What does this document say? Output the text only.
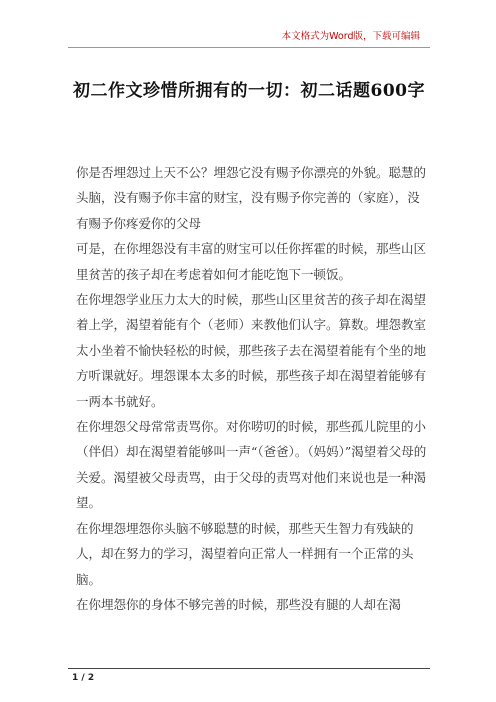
本文格式为Word版，下载可编辑
初二作文珍惜所拥有的一切：初二话题600字

你是否埋怨过上天不公？埋怨它没有赐予你漂亮的外貌。聪慧的头脑，没有赐予你丰富的财宝，没有赐予你完善的（家庭），没有赐予你疼爱你的父母

可是，在你埋怨没有丰富的财宝可以任你挥霍的时候，那些山区里贫苦的孩子却在考虑着如何才能吃饱下一顿饭。

在你埋怨学业压力太大的时候，那些山区里贫苦的孩子却在渴望着上学，渴望着能有个（老师）来教他们认字。算数。埋怨教室太小坐着不愉快轻松的时候，那些孩子去在渴望着能有个坐的地方听课就好。埋怨课本太多的时候，那些孩子却在渴望着能够有一两本书就好。

在你埋怨父母常常责骂你。对你唠叨的时候，那些孤儿院里的小（伴侣）却在渴望着能够叫一声“（爸爸）。（妈妈）”渴望着父母的关爱。渴望被父母责骂，由于父母的责骂对他们来说也是一种渴望。

在你埋怨埋怨你头脑不够聪慧的时候，那些天生智力有残缺的人，却在努力的学习，渴望着向正常人一样拥有一个正常的头脑。

在你埋怨你的身体不够完善的时候，那些没有腿的人却在渴

1 / 2
